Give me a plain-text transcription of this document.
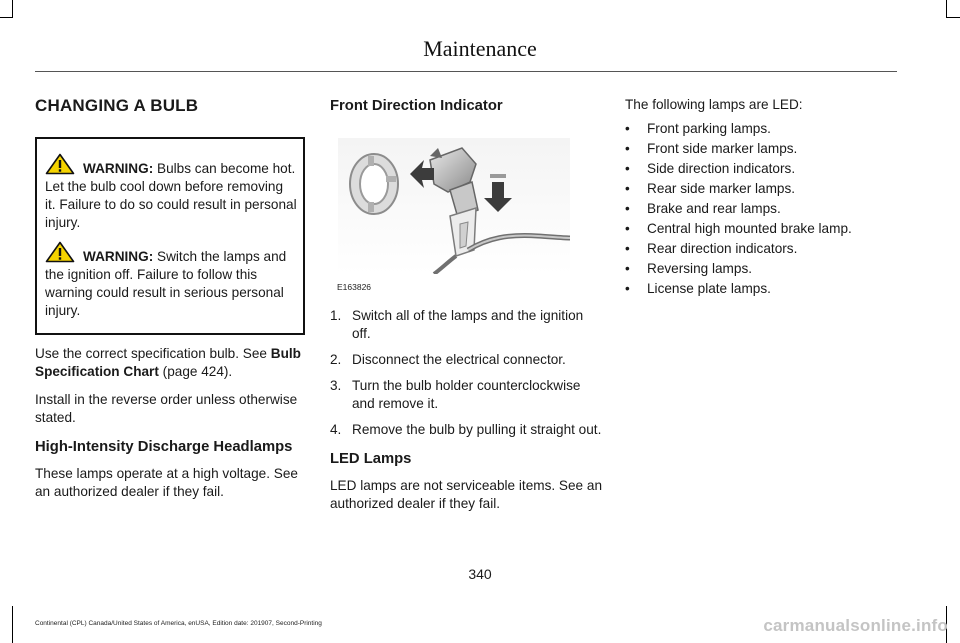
Maintenance
CHANGING A BULB

WARNING: Bulbs can become hot. Let the bulb cool down before removing it. Failure to do so could result in personal injury.

WARNING: Switch the lamps and the ignition off. Failure to follow this warning could result in serious personal injury.

Use the correct specification bulb. See Bulb Specification Chart (page 424).

Install in the reverse order unless otherwise stated.

High-Intensity Discharge Headlamps

These lamps operate at a high voltage. See an authorized dealer if they fail.

Front Direction Indicator
E163826
1. Switch all of the lamps and the ignition off.
2. Disconnect the electrical connector.
3. Turn the bulb holder counterclockwise and remove it.
4. Remove the bulb by pulling it straight out.
LED Lamps

LED lamps are not serviceable items. See an authorized dealer if they fail.

The following lamps are LED:

•	Front parking lamps.
•	Front side marker lamps.
•	Side direction indicators.
•	Rear side marker lamps.
•	Brake and rear lamps.
•	Central high mounted brake lamp.
•	Rear direction indicators.
•	Reversing lamps.
•	License plate lamps.
340
Continental (CPL) Canada/United States of America, enUSA, Edition date: 201907, Second-Printing	carmanualsonline.info
